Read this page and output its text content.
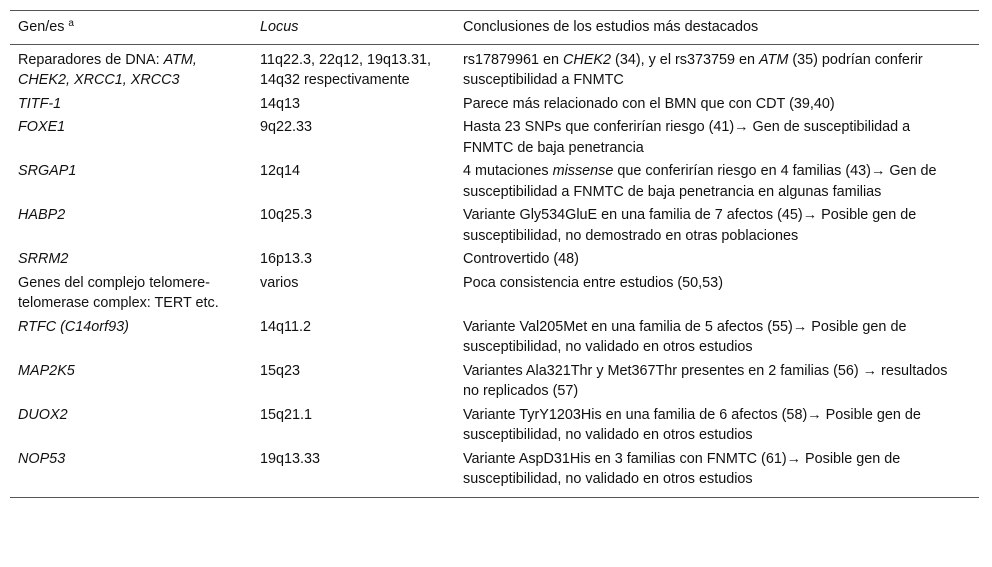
Gen/es $^a$	Locus	Conclusiones de los estudios más destacados
Reparadores de DNA: ATM, CHEK2, XRCC1, XRCC3	11q22.3, 22q12, 19q13.31, 14q32 respectivamente	rs17879961 en CHEK2 (34), y el rs373759 en ATM (35) podrían conferir susceptibilidad a FNMTC
TITF-1	14q13	Parece más relacionado con el BMN que con CDT (39,40)
FOXE1	9q22.33	Hasta 23 SNPs que conferirían riesgo (41)→ Gen de susceptibilidad a FNMTC de baja penetrancia
SRGAP1	12q14	4 mutaciones missense que conferirían riesgo en 4 familias (43)→ Gen de susceptibilidad a FNMTC de baja penetrancia en algunas familias
HABP2	10q25.3	Variante Gly534GluE en una familia de 7 afectos (45)→ Posible gen de susceptibilidad, no demostrado en otras poblaciones
SRRM2	16p13.3	Controvertido (48)
Genes del complejo telomere-telomerase complex: TERT etc.	varios	Poca consistencia entre estudios (50,53)
RTFC (C14orf93)	14q11.2	Variante Val205Met en una familia de 5 afectos (55)→ Posible gen de susceptibilidad, no validado en otros estudios
MAP2K5	15q23	Variantes Ala321Thr y Met367Thr presentes en 2 familias (56) → resultados no replicados (57)
DUOX2	15q21.1	Variante TyrY1203His en una familia de 6 afectos (58)→ Posible gen de susceptibilidad, no validado en otros estudios
NOP53	19q13.33	Variante AspD31His en 3 familias con FNMTC (61)→ Posible gen de susceptibilidad, no validado en otros estudios
